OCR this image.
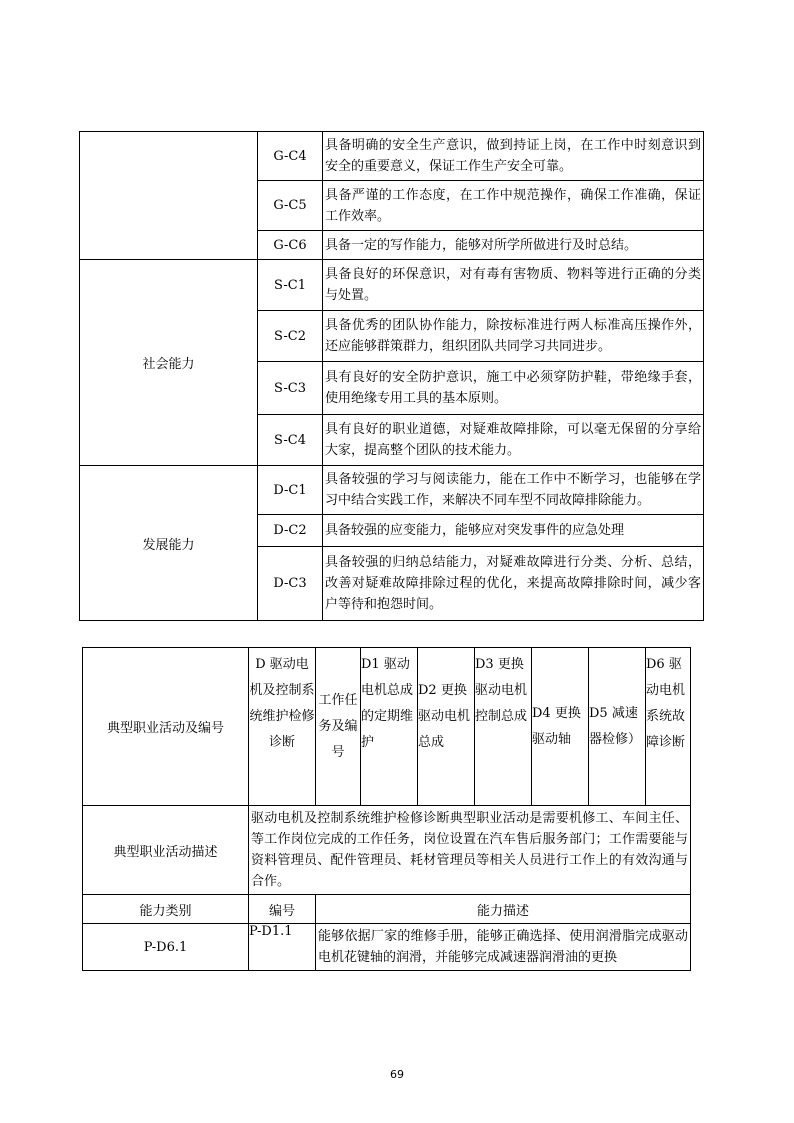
	G-C4	具备明确的安全生产意识，做到持证上岗，在工作中时刻意识到安全的重要意义，保证工作生产安全可靠。
	G-C5	具备严谨的工作态度，在工作中规范操作，确保工作准确，保证工作效率。
	G-C6	具备一定的写作能力，能够对所学所做进行及时总结。
社会能力	S-C1	具备良好的环保意识，对有毒有害物质、物料等进行正确的分类与处置。
	S-C2	具备优秀的团队协作能力，除按标准进行两人标准高压操作外，还应能够群策群力，组织团队共同学习共同进步。
	S-C3	具有良好的安全防护意识，施工中必须穿防护鞋，带绝缘手套，使用绝缘专用工具的基本原则。
	S-C4	具有良好的职业道德，对疑难故障排除，可以毫无保留的分享给大家，提高整个团队的技术能力。
发展能力	D-C1	具备较强的学习与阅读能力，能在工作中不断学习，也能够在学习中结合实践工作，来解决不同车型不同故障排除能力。
	D-C2	具备较强的应变能力，能够应对突发事件的应急处理
	D-C3	具备较强的归纳总结能力，对疑难故障进行分类、分析、总结，改善对疑难故障排除过程的优化，来提高故障排除时间，减少客户等待和抱怨时间。
典型职业活动及编号	D 驱动电机及控制系统维护检修诊断	工作任务及编号	D1 驱动电机总成的定期维护	D2 更换驱动电机总成	D3 更换驱动电机控制总成	D4 更换驱动轴	D5 减速器检修）	D6 驱动电机系统故障诊断
典型职业活动描述	驱动电机及控制系统维护检修诊断典型职业活动是需要机修工、车间主任、等工作岗位完成的工作任务，岗位设置在汽车售后服务部门；工作需要能与资料管理员、配件管理员、耗材管理员等相关人员进行工作上的有效沟通与合作。							
能力类别	编号	能力描述						
P-D6.1	P-D1.1	能够依据厂家的维修手册，能够正确选择、使用润滑脂完成驱动电机花键轴的润滑，并能够完成减速器润滑油的更换						
69
